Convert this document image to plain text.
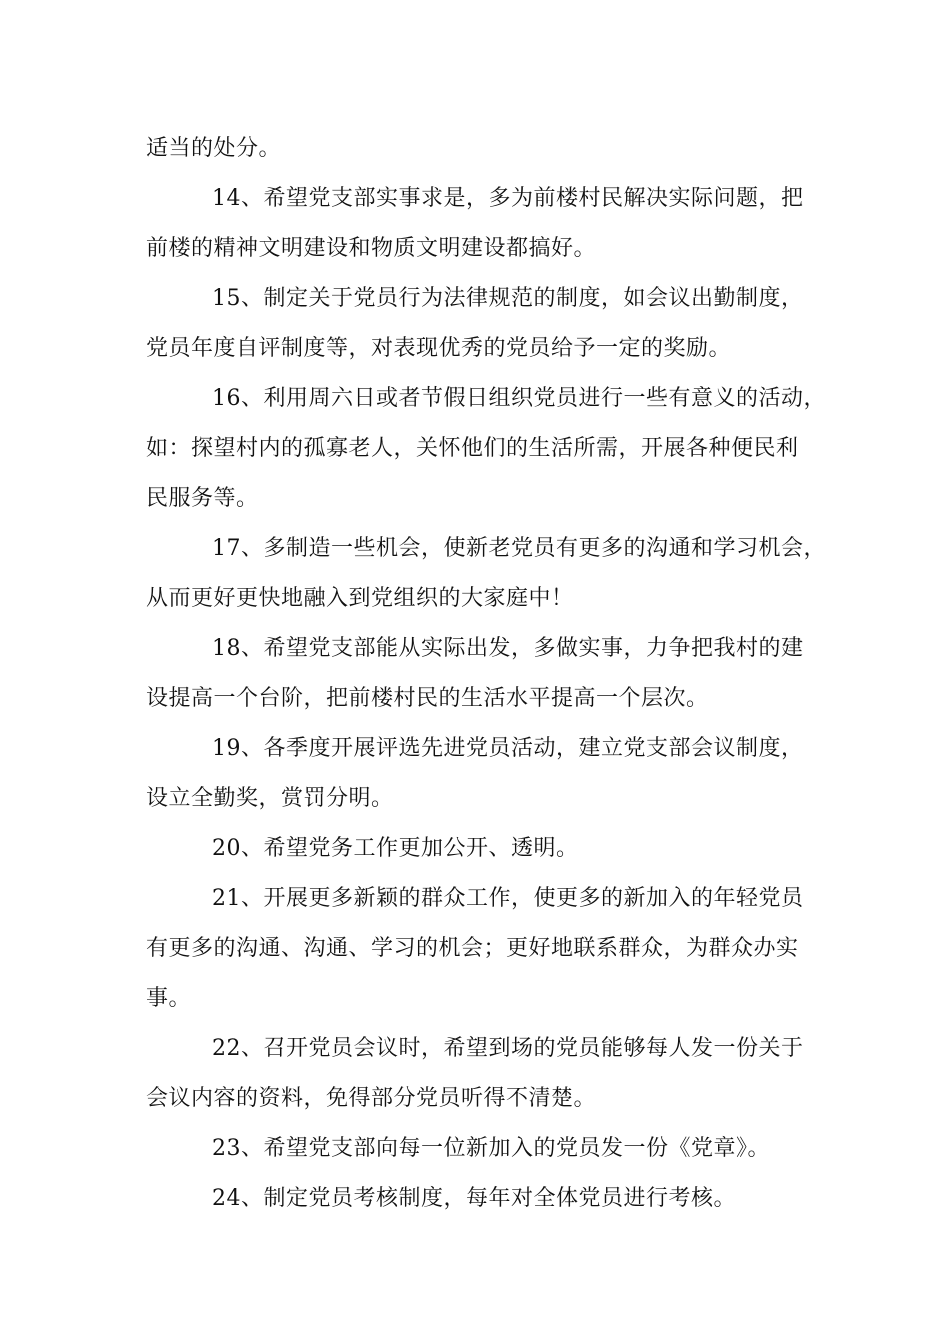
适当的处分。
14、希望党支部实事求是，多为前楼村民解决实际问题，把
前楼的精神文明建设和物质文明建设都搞好。
15、制定关于党员行为法律规范的制度，如会议出勤制度，
党员年度自评制度等，对表现优秀的党员给予一定的奖励。
16、利用周六日或者节假日组织党员进行一些有意义的活动，
如：探望村内的孤寡老人，关怀他们的生活所需，开展各种便民利
民服务等。
17、多制造一些机会，使新老党员有更多的沟通和学习机会，
从而更好更快地融入到党组织的大家庭中！
18、希望党支部能从实际出发，多做实事，力争把我村的建
设提高一个台阶，把前楼村民的生活水平提高一个层次。
19、各季度开展评选先进党员活动，建立党支部会议制度，
设立全勤奖，赏罚分明。
20、希望党务工作更加公开、透明。
21、开展更多新颖的群众工作，使更多的新加入的年轻党员
有更多的沟通、沟通、学习的机会；更好地联系群众，为群众办实
事。
22、召开党员会议时，希望到场的党员能够每人发一份关于
会议内容的资料，免得部分党员听得不清楚。
23、希望党支部向每一位新加入的党员发一份《党章》。
24、制定党员考核制度，每年对全体党员进行考核。
